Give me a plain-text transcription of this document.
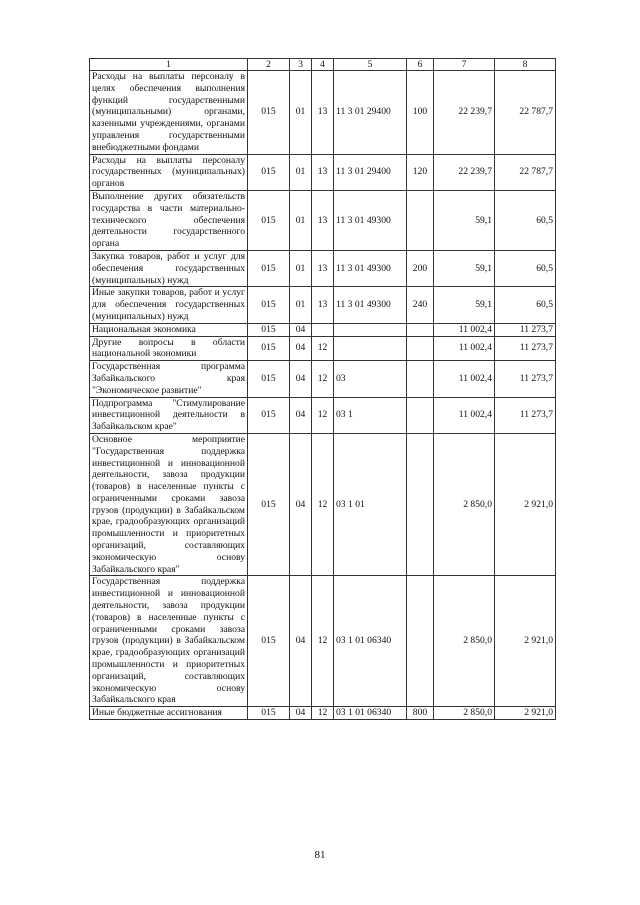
1	2	3	4	5	6	7	8
Расходы на выплаты персоналу в целях обеспечения выполнения функций государственными (муниципальными) органами, казенными учреждениями, органами управления государственными внебюджетными фондами	015	01	13	11 3 01 29400	100	22 239,7	22 787,7
Расходы на выплаты персоналу государственных (муниципальных) органов	015	01	13	11 3 01 29400	120	22 239,7	22 787,7
Выполнение других обязательств государства в части материально-технического обеспечения деятельности государственного органа	015	01	13	11 3 01 49300		59,1	60,5
Закупка товаров, работ и услуг для обеспечения государственных (муниципальных) нужд	015	01	13	11 3 01 49300	200	59,1	60,5
Иные закупки товаров, работ и услуг для обеспечения государственных (муниципальных) нужд	015	01	13	11 3 01 49300	240	59,1	60,5
Национальная экономика	015	04				11 002,4	11 273,7
Другие вопросы в области национальной экономики	015	04	12			11 002,4	11 273,7
Государственная программа Забайкальского края "Экономическое развитие"	015	04	12	03		11 002,4	11 273,7
Подпрограмма "Стимулирование инвестиционной деятельности в Забайкальском крае"	015	04	12	03 1		11 002,4	11 273,7
Основное мероприятие "Государственная поддержка инвестиционной и инновационной деятельности, завоза продукции (товаров) в населенные пункты с ограниченными сроками завоза грузов (продукции) в Забайкальском крае, градообразующих организаций промышленности и приоритетных организаций, составляющих экономическую основу Забайкальского края"	015	04	12	03 1 01		2 850,0	2 921,0
Государственная поддержка инвестиционной и инновационной деятельности, завоза продукции (товаров) в населенные пункты с ограниченными сроками завоза грузов (продукции) в Забайкальском крае, градообразующих организаций промышленности и приоритетных организаций, составляющих экономическую основу Забайкальского края	015	04	12	03 1 01 06340		2 850,0	2 921,0
Иные бюджетные ассигнования	015	04	12	03 1 01 06340	800	2 850,0	2 921,0
81
